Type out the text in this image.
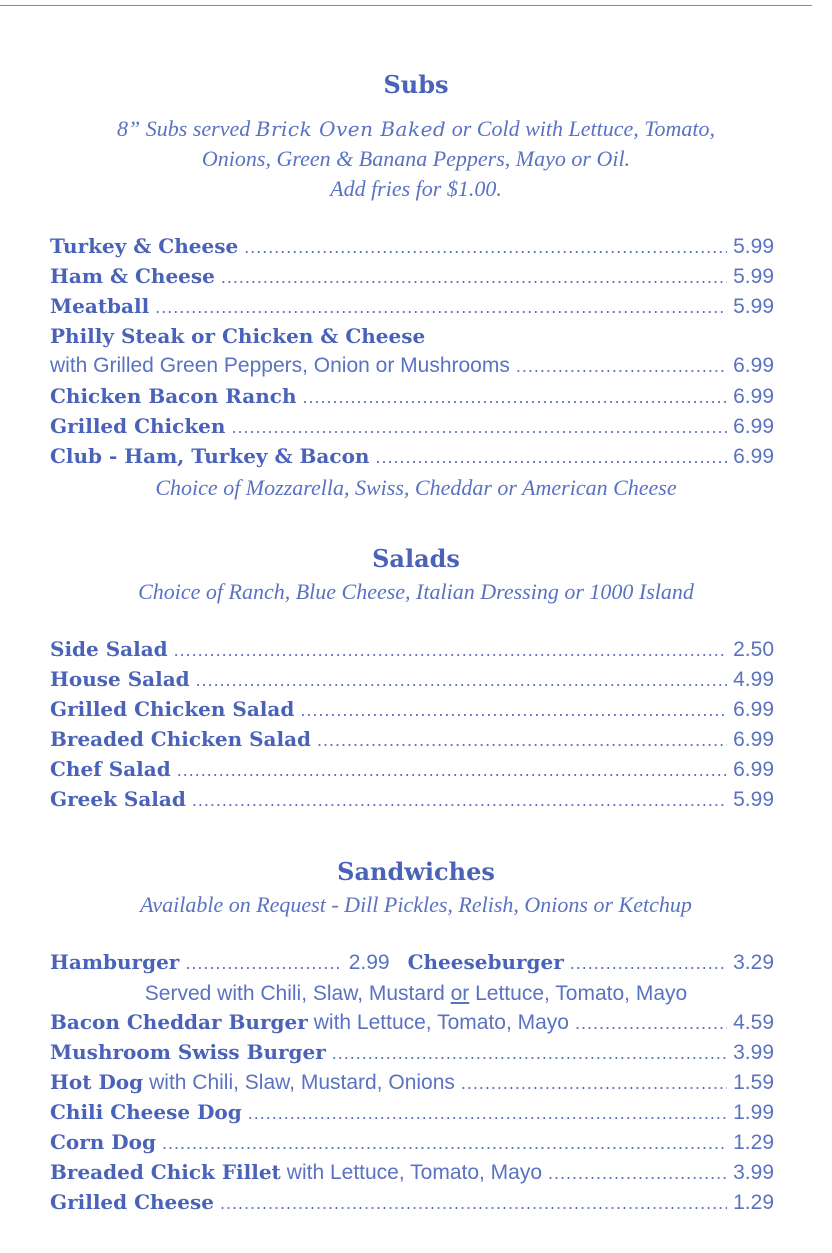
Subs
8” Subs served Brick Oven Baked or Cold with Lettuce, Tomato,
Onions, Green & Banana Peppers, Mayo or Oil.
Add fries for $1.00.
Turkey & Cheese .....	5.99
Ham & Cheese .....	5.99
Meatball .....	5.99
Philly Steak or Chicken & Cheese
with Grilled Green Peppers, Onion or Mushrooms .....	6.99
Chicken Bacon Ranch .....	6.99
Grilled Chicken .....	6.99
Club - Ham, Turkey & Bacon .....	6.99
Choice of Mozzarella, Swiss, Cheddar or American Cheese
Salads
Choice of Ranch, Blue Cheese, Italian Dressing or 1000 Island
Side Salad .....	2.50
House Salad .....	4.99
Grilled Chicken Salad .....	6.99
Breaded Chicken Salad .....	6.99
Chef Salad .....	6.99
Greek Salad .....	5.99
Sandwiches
Available on Request - Dill Pickles, Relish, Onions or Ketchup
Hamburger .....	2.99 Cheeseburger .....	3.29
Served with Chili, Slaw, Mustard or Lettuce, Tomato, Mayo
Bacon Cheddar Burger with Lettuce, Tomato, Mayo .....	4.59
Mushroom Swiss Burger .....	3.99
Hot Dog with Chili, Slaw, Mustard, Onions .....	1.59
Chili Cheese Dog .....	1.99
Corn Dog .....	1.29
Breaded Chick Fillet with Lettuce, Tomato, Mayo .....	3.99
Grilled Cheese .....	1.29
